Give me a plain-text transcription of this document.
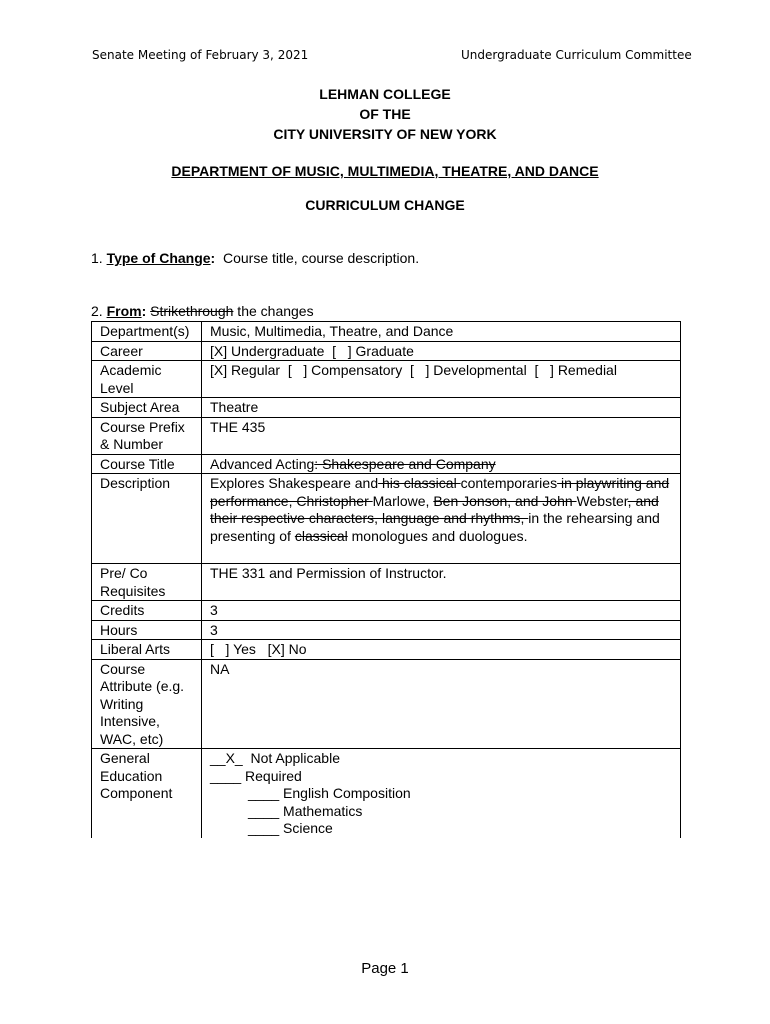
Senate Meeting of February 3, 2021	Undergraduate Curriculum Committee
LEHMAN COLLEGE
OF THE
CITY UNIVERSITY OF NEW YORK
DEPARTMENT OF MUSIC, MULTIMEDIA, THEATRE, AND DANCE
CURRICULUM CHANGE
1. Type of Change: Course title, course description.
2. From: Strikethrough the changes
Department(s)	Music, Multimedia, Theatre, and Dance
Career	[X] Undergraduate  [   ] Graduate
Academic Level	[X] Regular  [   ] Compensatory  [   ] Developmental  [   ] Remedial
Subject Area	Theatre
Course Prefix & Number	THE 435
Course Title	Advanced Acting: Shakespeare and Company
Description	Explores Shakespeare and his classical contemporaries in playwriting and performance, Christopher Marlowe, Ben Jonson, and John Webster, and their respective characters, language and rhythms, in the rehearsing and presenting of classical monologues and duologues.

Pre/ Co Requisites	THE 331 and Permission of Instructor.
Credits	3
Hours	3
Liberal Arts	[   ] Yes   [X] No
Course Attribute (e.g. Writing Intensive, WAC, etc)	NA
General Education Component	__X_  Not Applicable
____ Required
____ English Composition
____ Mathematics
____ Science
Page 1
